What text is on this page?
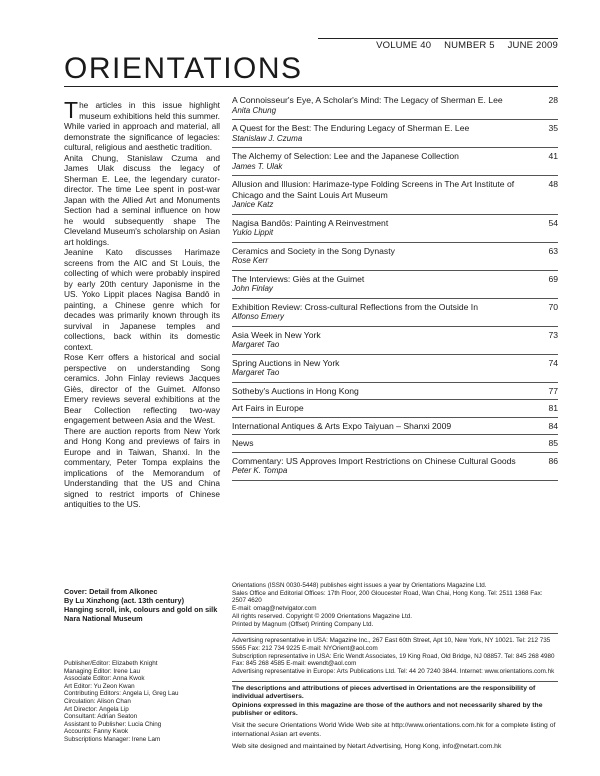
VOLUME 40 NUMBER 5 JUNE 2009
ORIENTATIONS

The articles in this issue highlight museum exhibitions held this summer. While varied in approach and material, all demonstrate the significance of legacies: cultural, religious and aesthetic tradition.

Anita Chung, Stanislaw Czuma and James Ulak discuss the legacy of Sherman E. Lee, the legendary curator-director. The time Lee spent in post-war Japan with the Allied Art and Monuments Section had a seminal influence on how he would subsequently shape The Cleveland Museum's scholarship on Asian art holdings.

Jeanine Kato discusses Harimaze screens from the AIC and St Louis, the collecting of which were probably inspired by early 20th century Japonisme in the US. Yoko Lippit places Nagisa Bandō in painting, a Chinese genre which for decades was primarily known through its survival in Japanese temples and collections, back within its domestic context.

Rose Kerr offers a historical and social perspective on understanding Song ceramics. John Finlay reviews Jacques Giès, director of the Guimet. Alfonso Emery reviews several exhibitions at the Bear Collection reflecting two-way engagement between Asia and the West.

There are auction reports from New York and Hong Kong and previews of fairs in Europe and in Taiwan, Shanxi. In the commentary, Peter Tompa explains the implications of the Memorandum of Understanding that the US and China signed to restrict imports of Chinese antiquities to the US.

A Connoisseur's Eye, A Scholar's Mind: The Legacy of Sherman E. Lee
Anita Chung
28
A Quest for the Best: The Enduring Legacy of Sherman E. Lee
Stanislaw J. Czuma
35
The Alchemy of Selection: Lee and the Japanese Collection
James T. Ulak
41
Allusion and Illusion: Harimaze-type Folding Screens in The Art Institute of Chicago and the Saint Louis Art Museum
Janice Katz
48
Nagisa Bandōs: Painting A Reinvestment
Yukio Lippit
54
Ceramics and Society in the Song Dynasty
Rose Kerr
63
The Interviews: Giès at the Guimet
John Finlay
69
Exhibition Review: Cross-cultural Reflections from the Outside In
Alfonso Emery
70
Asia Week in New York
Margaret Tao
73
Spring Auctions in New York
Margaret Tao
74
Sotheby's Auctions in Hong Kong	77
Art Fairs in Europe	81
International Antiques & Arts Expo Taiyuan – Shanxi 2009	84
News	85
Commentary: US Approves Import Restrictions on Chinese Cultural Goods
Peter K. Tompa
86
Cover: Detail from Alkonec
By Lu Xinzhong (act. 13th century)
Hanging scroll, ink, colours and gold on silk
Nara National Museum
Publisher/Editor: Elizabeth Knight
Managing Editor: Irene Lau
Associate Editor: Anna Kwok
Art Editor: Yu Zeon Kwan
Contributing Editors: Angela Li, Greg Lau
Circulation: Alison Chan
Art Director: Angela Lip
Consultant: Adrian Seaton
Assistant to Publisher: Lucia Ching
Accounts: Fanny Kwok
Subscriptions Manager: Irene Lam

Orientations (ISSN 0030-5448) publishes eight issues a year by Orientations Magazine Ltd.

Sales Office and Editorial Offices: 17th Floor, 200 Gloucester Road, Wan Chai, Hong Kong. Tel: 2511 1368 Fax: 2507 4620

E-mail: omag@netvigator.com

All rights reserved. Copyright © 2009 Orientations Magazine Ltd.

Printed by Magnum (Offset) Printing Company Ltd.

Advertising representative in USA: Magazine Inc., 267 East 60th Street, Apt 10, New York, NY 10021. Tel: 212 735 5565 Fax: 212 734 9225 E-mail: NYOrient@aol.com

Subscription representative in USA: Eric Wendt Associates, 19 King Road, Old Bridge, NJ 08857. Tel: 845 268 4980 Fax: 845 268 4585 E-mail: ewendt@aol.com

Advertising representative in Europe: Arts Publications Ltd. Tel: 44 20 7240 3844. Internet: www.orientations.com.hk

The descriptions and attributions of pieces advertised in Orientations are the responsibility of individual advertisers.

Opinions expressed in this magazine are those of the authors and not necessarily shared by the publisher or editors.

Visit the secure Orientations World Wide Web site at http://www.orientations.com.hk for a complete listing of international Asian art events.

Web site designed and maintained by Netart Advertising, Hong Kong, info@netart.com.hk
